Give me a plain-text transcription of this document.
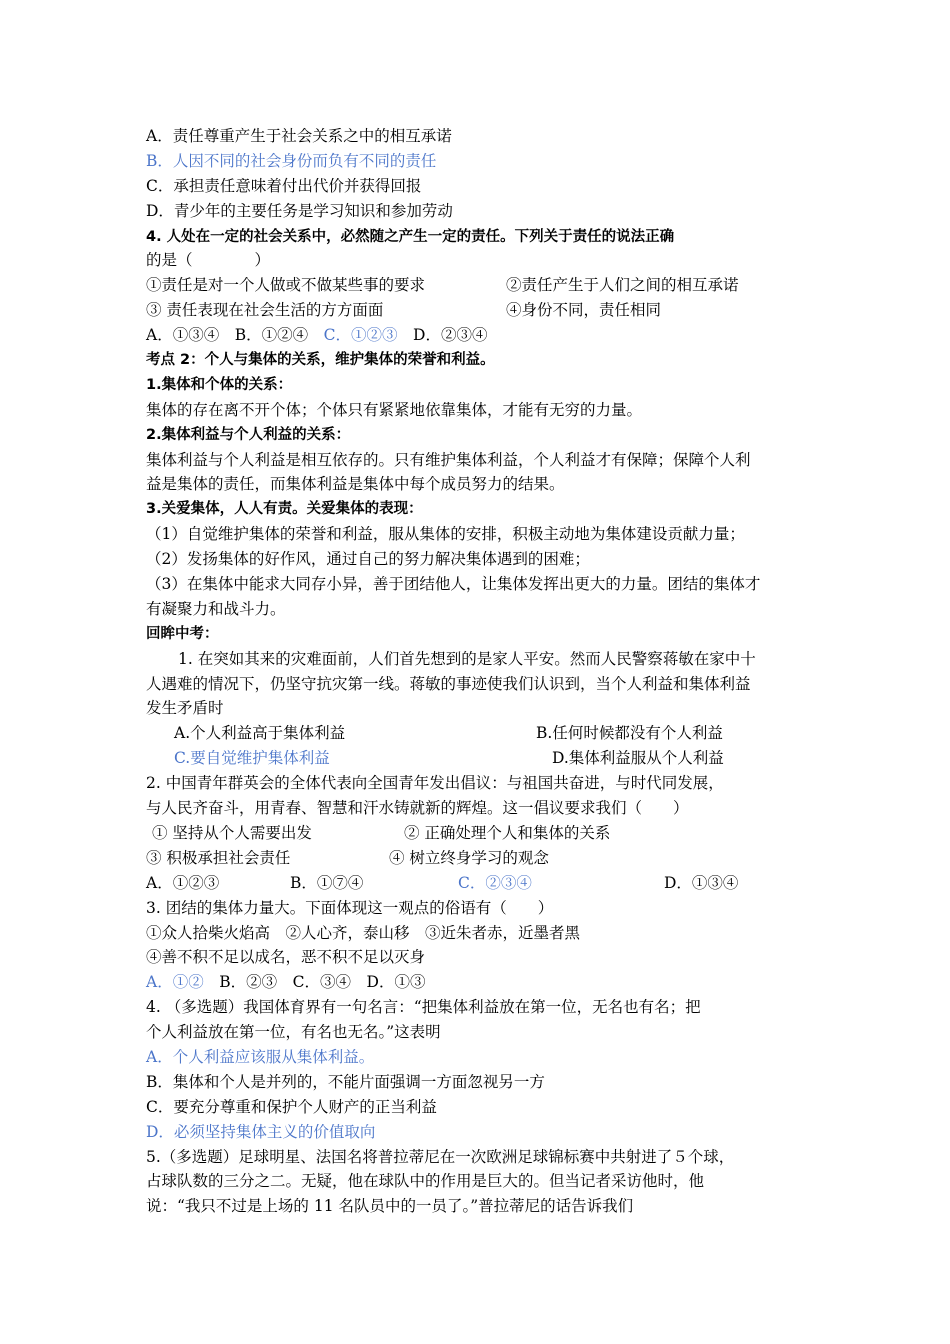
A．责任尊重产生于社会关系之中的相互承诺
B．人因不同的社会身份而负有不同的责任
C．承担责任意味着付出代价并获得回报
D．青少年的主要任务是学习知识和参加劳动
4. 人处在一定的社会关系中，必然随之产生一定的责任。下列关于责任的说法正确
的是（　　　　）
①责任是对一个人做或不做某些事的要求	②责任产生于人们之间的相互承诺
③ 责任表现在社会生活的方方面面	④身份不同，责任相同
A．①③④　 B．①②④　 C．①②③　 D．②③④
考点 2：个人与集体的关系，维护集体的荣誉和利益。
1.集体和个体的关系：
集体的存在离不开个体；个体只有紧紧地依靠集体，才能有无穷的力量。
2.集体利益与个人利益的关系：
集体利益与个人利益是相互依存的。只有维护集体利益，个人利益才有保障；保障个人利
益是集体的责任，而集体利益是集体中每个成员努力的结果。
3.关爱集体，人人有责。关爱集体的表现：
（1）自觉维护集体的荣誉和利益，服从集体的安排，积极主动地为集体建设贡献力量；
（2）发扬集体的好作风，通过自己的努力解决集体遇到的困难；
（3）在集体中能求大同存小异，善于团结他人，让集体发挥出更大的力量。团结的集体才
有凝聚力和战斗力。
回眸中考：
1. 在突如其来的灾难面前，人们首先想到的是家人平安。然而人民警察蒋敏在家中十
人遇难的情况下，仍坚守抗灾第一线。蒋敏的事迹使我们认识到，当个人利益和集体利益
发生矛盾时
A.个人利益高于集体利益	B.任何时候都没有个人利益
C.要自觉维护集体利益	D.集体利益服从个人利益
2. 中国青年群英会的全体代表向全国青年发出倡议：与祖国共奋进，与时代同发展，
与人民齐奋斗，用青春、智慧和汗水铸就新的辉煌。这一倡议要求我们（　　）
① 坚持从个人需要出发	② 正确处理个人和集体的关系
③ 积极承担社会责任	④ 树立终身学习的观念
A．①②③	B．①⑦④	C．②③④	D．①③④
3. 团结的集体力量大。下面体现这一观点的俗语有（　　）
①众人拾柴火焰高　②人心齐，泰山移　③近朱者赤，近墨者黑
④善不积不足以成名，恶不积不足以灭身
A．①②　 B．②③　 C．③④　 D．①③
4. （多选题）我国体育界有一句名言：“把集体利益放在第一位，无名也有名；把
个人利益放在第一位，有名也无名。”这表明
A．个人利益应该服从集体利益。
B．集体和个人是并列的，不能片面强调一方面忽视另一方
C．要充分尊重和保护个人财产的正当利益
D．必须坚持集体主义的价值取向
5.（多选题）足球明星、法国名将普拉蒂尼在一次欧洲足球锦标赛中共射进了５个球，
占球队数的三分之二。无疑，他在球队中的作用是巨大的。但当记者采访他时，他
说：“我只不过是上场的 11 名队员中的一员了。”普拉蒂尼的话告诉我们
